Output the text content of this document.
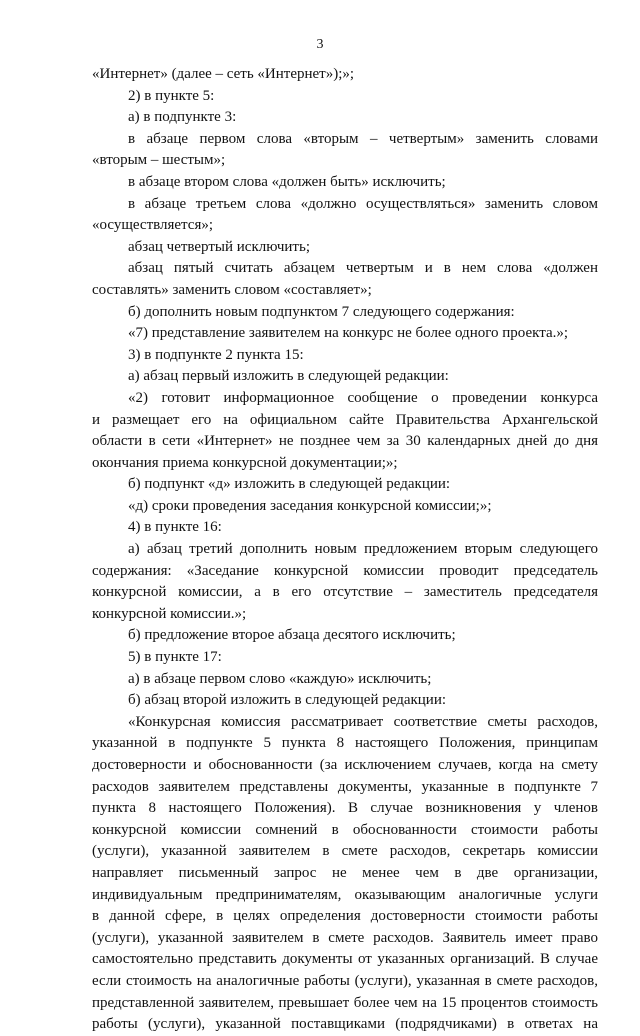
3
«Интернет» (далее – сеть «Интернет»);»;
2) в пункте 5:
а) в подпункте 3:
в абзаце первом слова «вторым – четвертым» заменить словами
«вторым – шестым»;
в абзаце втором слова «должен быть» исключить;
в абзаце третьем слова «должно осуществляться» заменить словом
«осуществляется»;
абзац четвертый исключить;
абзац пятый считать абзацем четвертым и в нем слова «должен
составлять» заменить словом «составляет»;
б) дополнить новым подпунктом 7 следующего содержания:
«7) представление заявителем на конкурс не более одного проекта.»;
3) в подпункте 2 пункта 15:
а) абзац первый изложить в следующей редакции:
«2) готовит информационное сообщение о проведении конкурса
и размещает его на официальном сайте Правительства Архангельской
области в сети «Интернет» не позднее чем за 30 календарных дней до дня
окончания приема конкурсной документации;»;
б) подпункт «д» изложить в следующей редакции:
«д) сроки проведения заседания конкурсной комиссии;»;
4) в пункте 16:
а) абзац третий дополнить новым предложением вторым следующего
содержания: «Заседание конкурсной комиссии проводит председатель
конкурсной комиссии, а в его отсутствие – заместитель председателя
конкурсной комиссии.»;
б) предложение второе абзаца десятого исключить;
5) в пункте 17:
а) в абзаце первом слово «каждую» исключить;
б) абзац второй изложить в следующей редакции:
«Конкурсная комиссия рассматривает соответствие сметы расходов,
указанной в подпункте 5 пункта 8 настоящего Положения, принципам
достоверности и обоснованности (за исключением случаев, когда на смету
расходов заявителем представлены документы, указанные в подпункте 7
пункта 8 настоящего Положения). В случае возникновения у членов
конкурсной комиссии сомнений в обоснованности стоимости работы
(услуги), указанной заявителем в смете расходов, секретарь комиссии
направляет письменный запрос не менее чем в две организации,
индивидуальным предпринимателям, оказывающим аналогичные услуги
в данной сфере, в целях определения достоверности стоимости работы
(услуги), указанной заявителем в смете расходов. Заявитель имеет право
самостоятельно представить документы от указанных организаций. В случае
если стоимость на аналогичные работы (услуги), указанная в смете расходов,
представленной заявителем, превышает более чем на 15 процентов стоимость
работы (услуги), указанной поставщиками (подрядчиками) в ответах на
